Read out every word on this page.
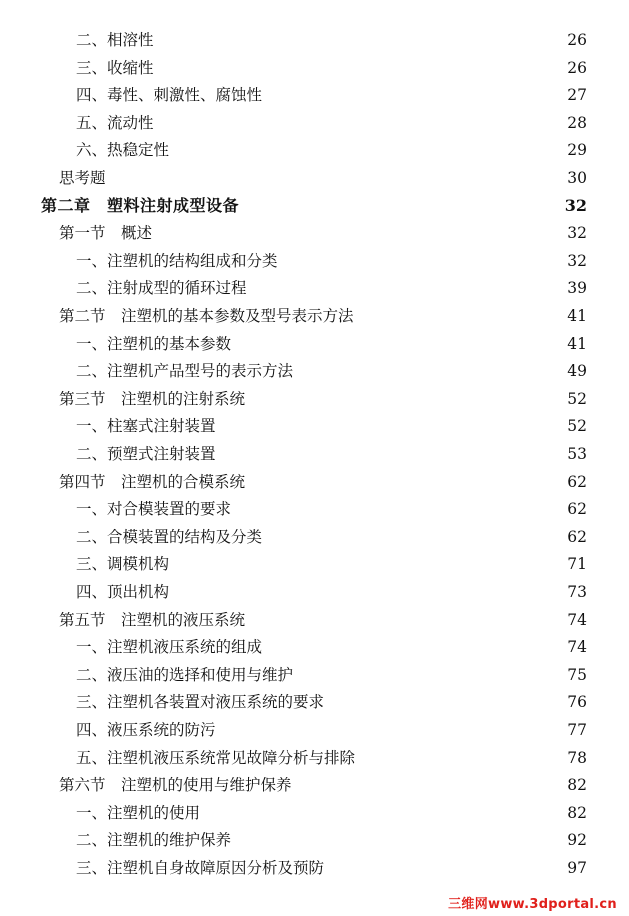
二、相溶性	26
三、收缩性	26
四、毒性、刺激性、腐蚀性	27
五、流动性	28
六、热稳定性	29
思考题	30
第二章　塑料注射成型设备	32
第一节　概述	32
一、注塑机的结构组成和分类	32
二、注射成型的循环过程	39
第二节　注塑机的基本参数及型号表示方法	41
一、注塑机的基本参数	41
二、注塑机产品型号的表示方法	49
第三节　注塑机的注射系统	52
一、柱塞式注射装置	52
二、预塑式注射装置	53
第四节　注塑机的合模系统	62
一、对合模装置的要求	62
二、合模装置的结构及分类	62
三、调模机构	71
四、顶出机构	73
第五节　注塑机的液压系统	74
一、注塑机液压系统的组成	74
二、液压油的选择和使用与维护	75
三、注塑机各装置对液压系统的要求	76
四、液压系统的防污	77
五、注塑机液压系统常见故障分析与排除	78
第六节　注塑机的使用与维护保养	82
一、注塑机的使用	82
二、注塑机的维护保养	92
三、注塑机自身故障原因分析及预防	97
三维网www.3dportal.cn
